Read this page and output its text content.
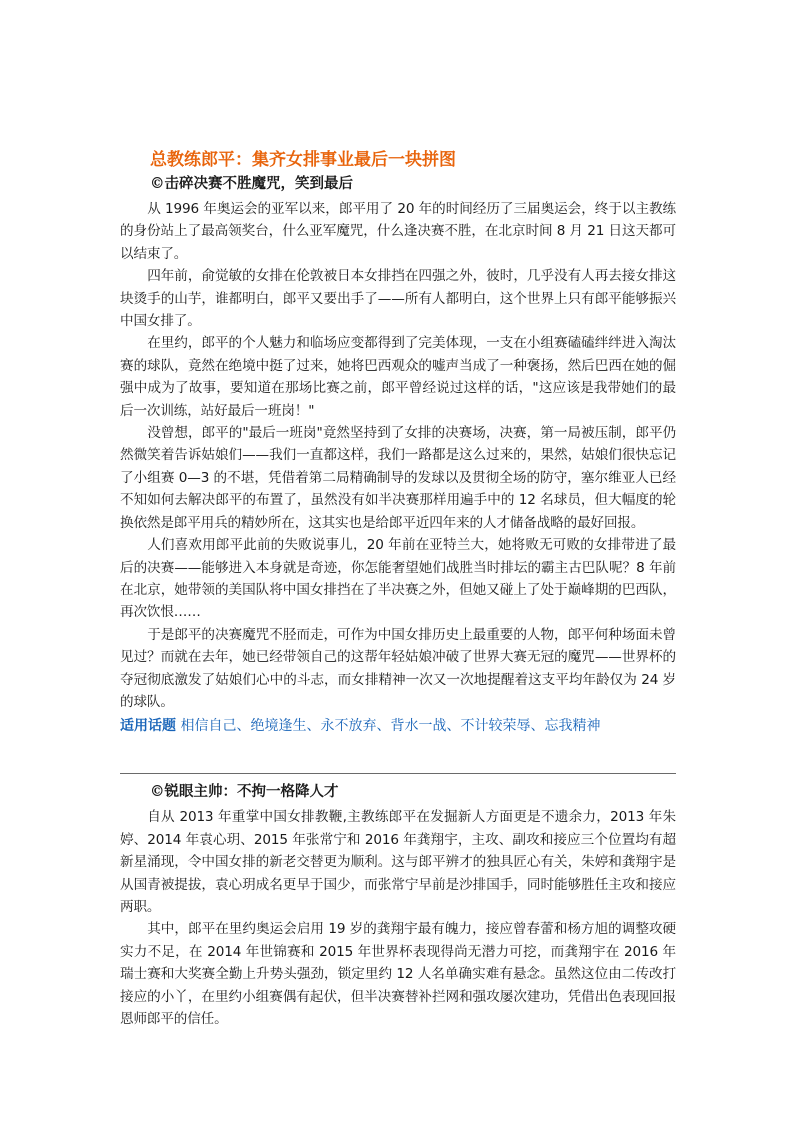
总教练郎平：集齐女排事业最后一块拼图
©击碎决赛不胜魔咒，笑到最后

从 1996 年奥运会的亚军以来，郎平用了 20 年的时间经历了三届奥运会，终于以主教练的身份站上了最高领奖台，什么亚军魔咒，什么逢决赛不胜，在北京时间 8 月 21 日这天都可以结束了。

四年前，俞觉敏的女排在伦敦被日本女排挡在四强之外，彼时，几乎没有人再去接女排这块烫手的山芋，谁都明白，郎平又要出手了——所有人都明白，这个世界上只有郎平能够振兴中国女排了。

在里约，郎平的个人魅力和临场应变都得到了完美体现，一支在小组赛磕磕绊绊进入淘汰赛的球队，竟然在绝境中挺了过来，她将巴西观众的嘘声当成了一种褒扬，然后巴西在她的倔强中成为了故事，要知道在那场比赛之前，郎平曾经说过这样的话，"这应该是我带她们的最后一次训练，站好最后一班岗！"

没曾想，郎平的"最后一班岗"竟然坚持到了女排的决赛场，决赛，第一局被压制，郎平仍然微笑着告诉姑娘们——我们一直都这样，我们一路都是这么过来的，果然，姑娘们很快忘记了小组赛 0—3 的不堪，凭借着第二局精确制导的发球以及贯彻全场的防守，塞尔维亚人已经不知如何去解决郎平的布置了，虽然没有如半决赛那样用遍手中的 12 名球员，但大幅度的轮换依然是郎平用兵的精妙所在，这其实也是给郎平近四年来的人才储备战略的最好回报。

人们喜欢用郎平此前的失败说事儿，20 年前在亚特兰大，她将败无可败的女排带进了最后的决赛——能够进入本身就是奇迹，你怎能奢望她们战胜当时排坛的霸主古巴队呢？8 年前在北京，她带领的美国队将中国女排挡在了半决赛之外，但她又碰上了处于巅峰期的巴西队，再次饮恨……

于是郎平的决赛魔咒不胫而走，可作为中国女排历史上最重要的人物，郎平何种场面未曾见过？而就在去年，她已经带领自己的这帮年轻姑娘冲破了世界大赛无冠的魔咒——世界杯的夺冠彻底激发了姑娘们心中的斗志，而女排精神一次又一次地提醒着这支平均年龄仅为 24 岁的球队。

适用话题 相信自己、绝境逢生、永不放弃、背水一战、不计较荣辱、忘我精神

©锐眼主帅：不拘一格降人才

自从 2013 年重掌中国女排教鞭,主教练郎平在发掘新人方面更是不遗余力，2013 年朱婷、2014 年袁心玥、2015 年张常宁和 2016 年龚翔宇，主攻、副攻和接应三个位置均有超新星涌现，令中国女排的新老交替更为顺利。这与郎平辨才的独具匠心有关，朱婷和龚翔宇是从国青被提拔，袁心玥成名更早于国少，而张常宁早前是沙排国手，同时能够胜任主攻和接应两职。

其中，郎平在里约奥运会启用 19 岁的龚翔宇最有魄力，接应曾春蕾和杨方旭的调整攻硬实力不足，在 2014 年世锦赛和 2015 年世界杯表现得尚无潜力可挖，而龚翔宇在 2016 年瑞士赛和大奖赛全勤上升势头强劲，锁定里约 12 人名单确实难有悬念。虽然这位由二传改打接应的小丫，在里约小组赛偶有起伏，但半决赛替补拦网和强攻屡次建功，凭借出色表现回报恩师郎平的信任。
